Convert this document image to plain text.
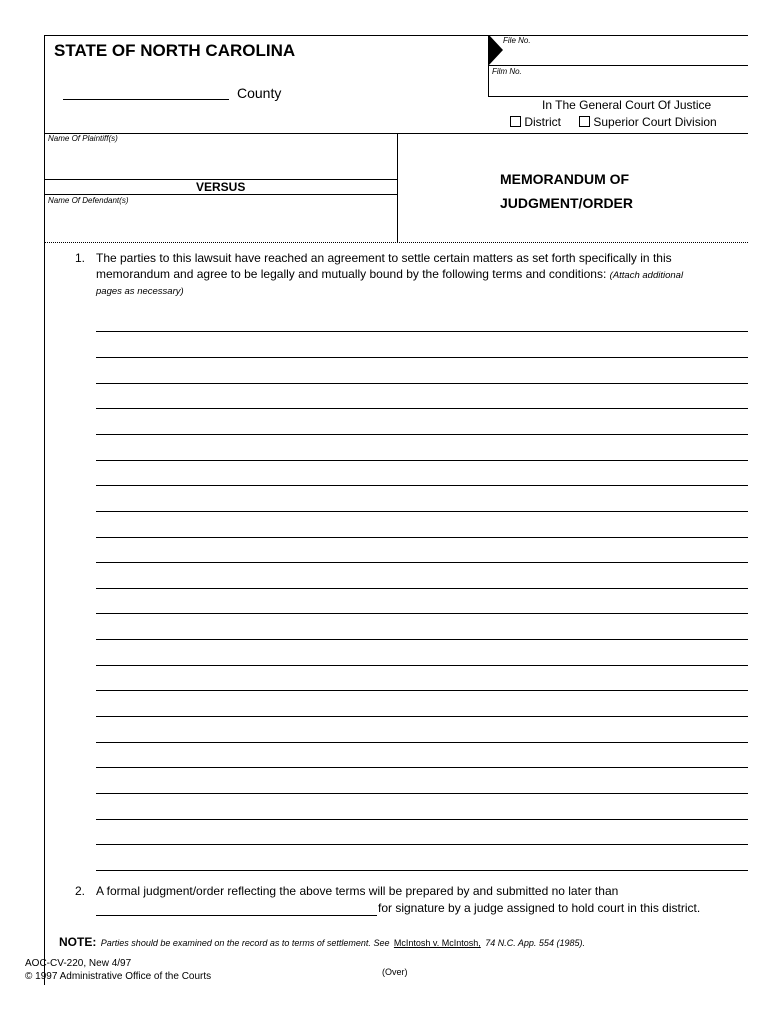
STATE OF NORTH CAROLINA
County
File No.
Film No.
In The General Court Of Justice
District	Superior Court Division
Name Of Plaintiff(s)
VERSUS
Name Of Defendant(s)
MEMORANDUM OF
JUDGMENT/ORDER
1. The parties to this lawsuit have reached an agreement to settle certain matters as set forth specifically in this
memorandum and agree to be legally and mutually bound by the following terms and conditions: (Attach additional
pages as necessary)
2. A formal judgment/order reflecting the above terms will be prepared by and submitted no later than
for signature by a judge assigned to hold court in this district.
NOTE: Parties should be examined on the record as to terms of settlement. See McIntosh v. McIntosh, 74 N.C. App. 554 (1985).
AOC-CV-220, New 4/97
© 1997 Administrative Office of the Courts	(Over)
